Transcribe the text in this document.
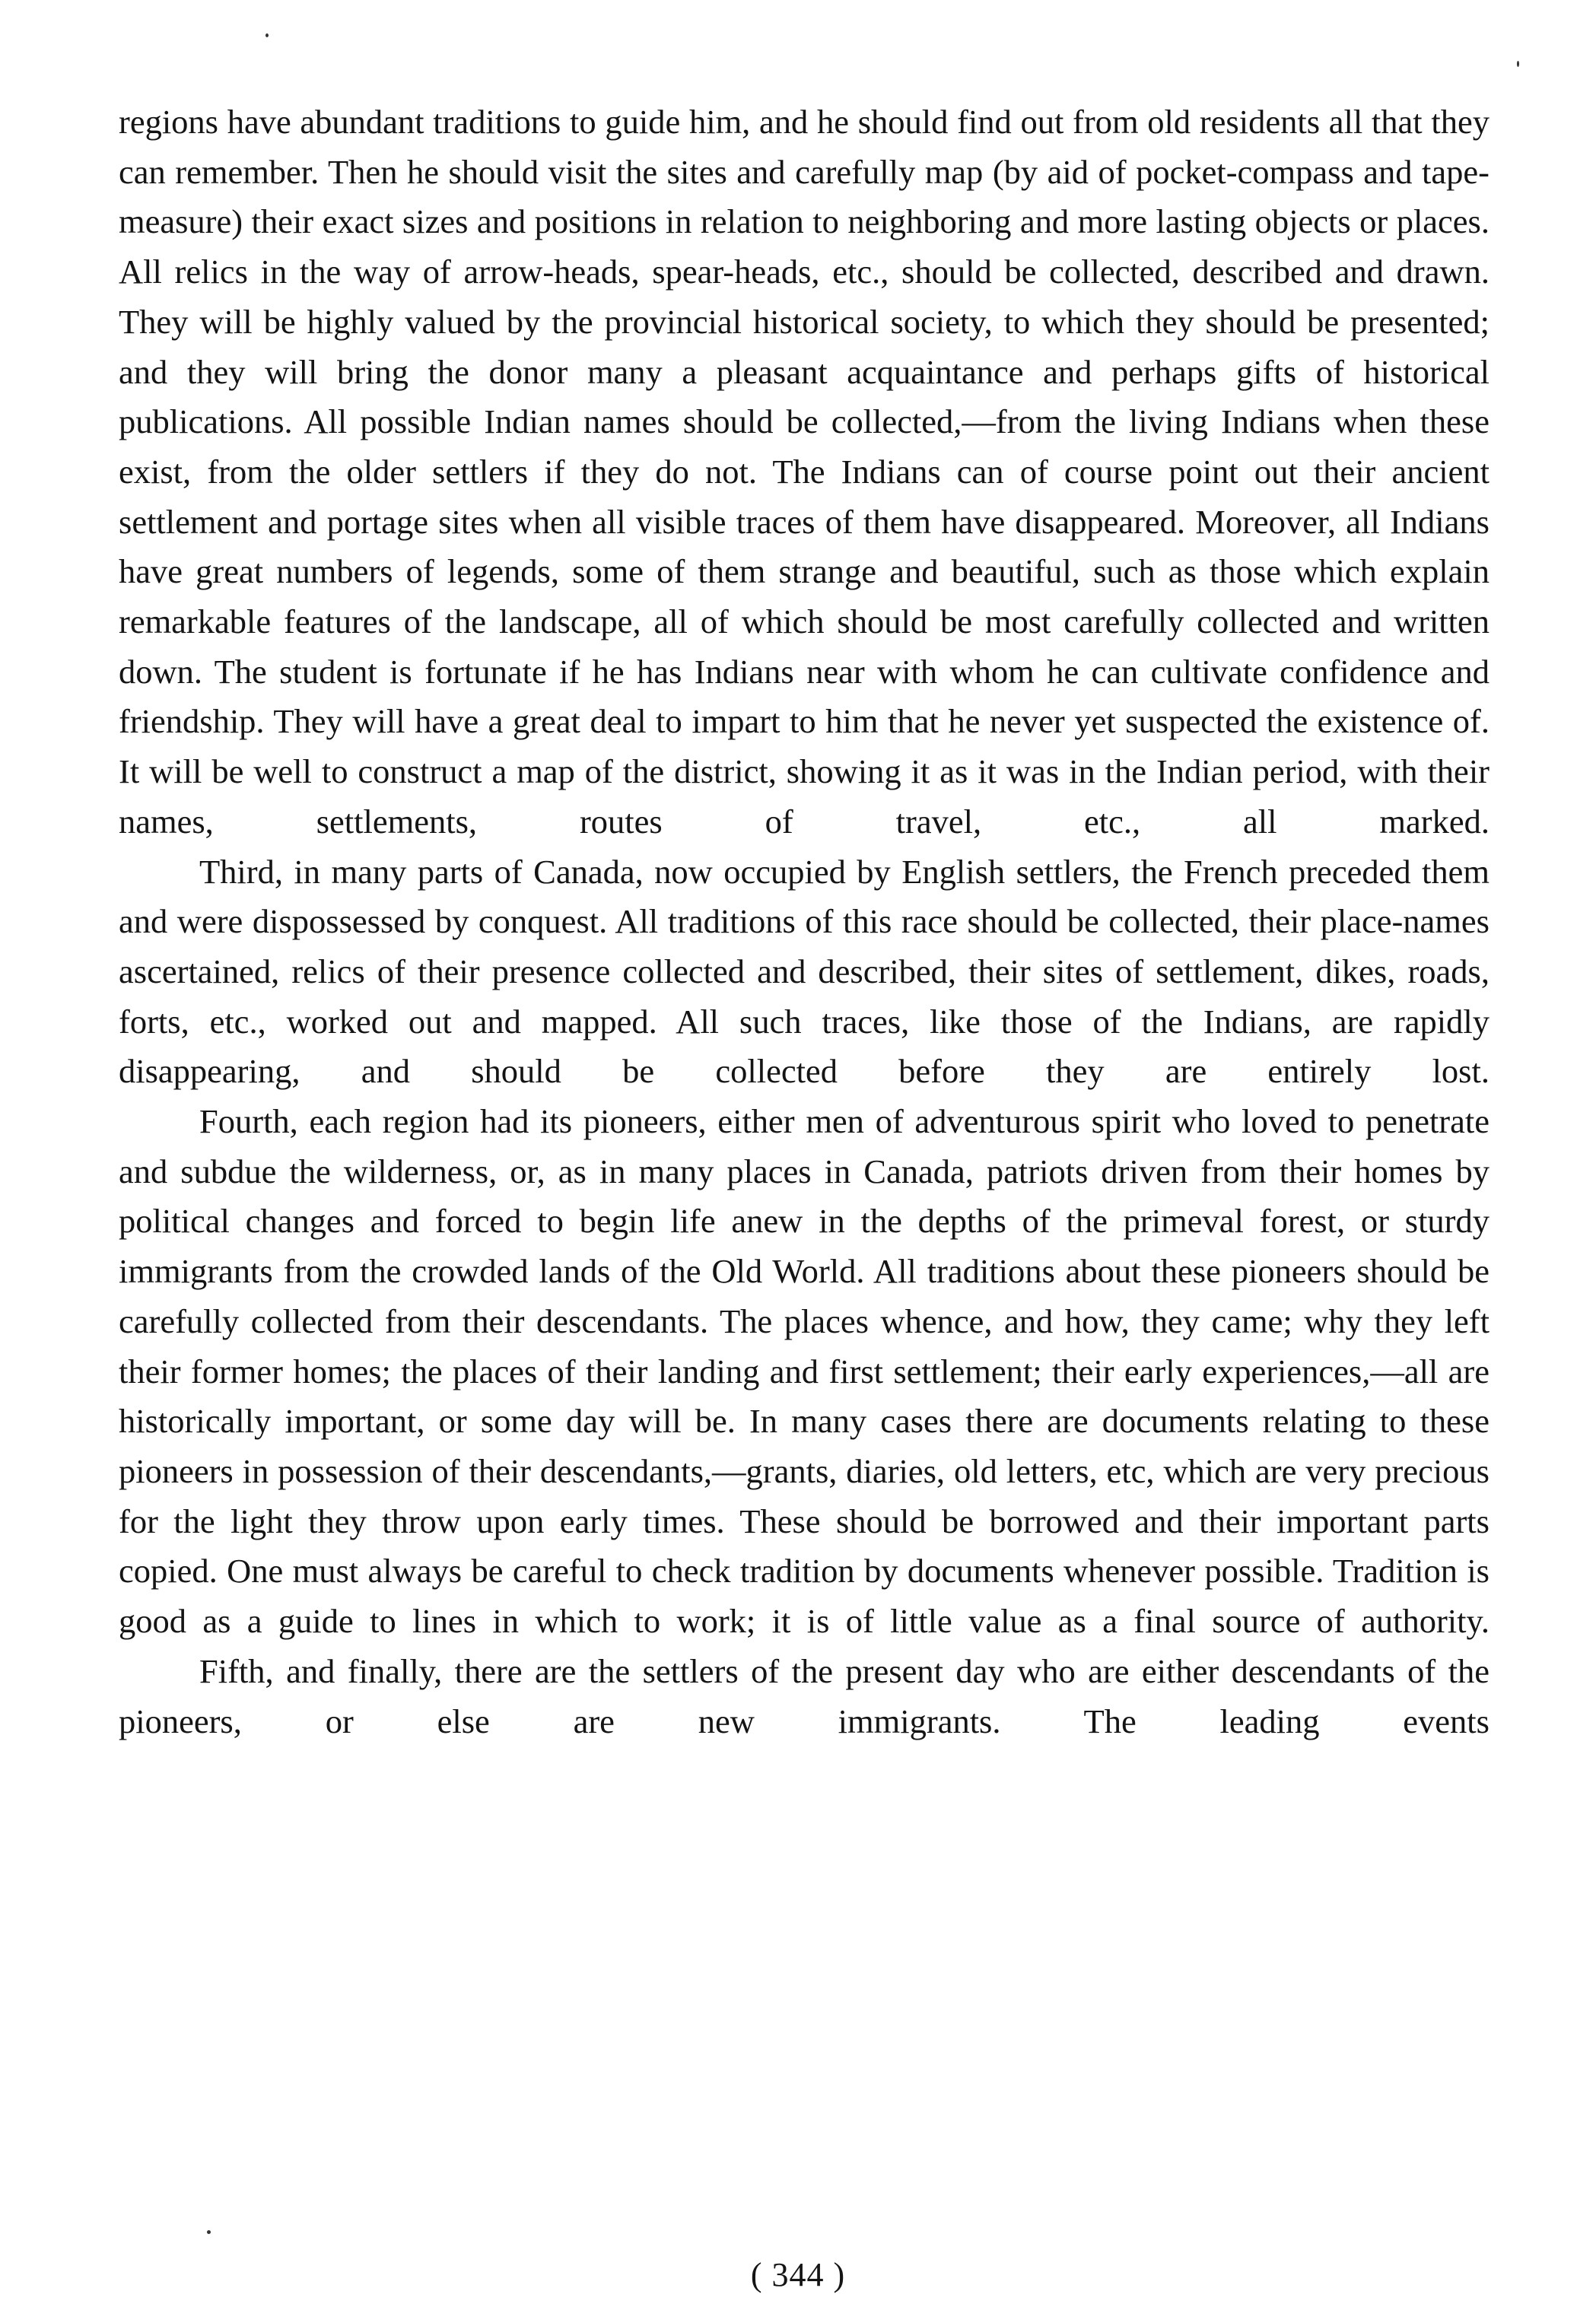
regions have abundant traditions to guide him, and he should find out from old residents all that they can remember. Then he should visit the sites and carefully map (by aid of pocket-compass and tape-measure) their exact sizes and positions in relation to neighboring and more lasting objects or places. All relics in the way of arrow-heads, spear-heads, etc., should be collected, described and drawn. They will be highly valued by the provincial historical society, to which they should be presented; and they will bring the donor many a pleasant acquaintance and perhaps gifts of historical publications. All possible Indian names should be collected,—from the living Indians when these exist, from the older settlers if they do not. The Indians can of course point out their ancient settlement and portage sites when all visible traces of them have disappeared. Moreover, all Indians have great numbers of legends, some of them strange and beautiful, such as those which explain remarkable features of the landscape, all of which should be most carefully collected and written down. The student is fortunate if he has Indians near with whom he can cultivate confidence and friendship. They will have a great deal to impart to him that he never yet suspected the existence of. It will be well to construct a map of the district, showing it as it was in the Indian period, with their names, settlements, routes of travel, etc., all marked.

Third, in many parts of Canada, now occupied by English settlers, the French preceded them and were dispossessed by conquest. All traditions of this race should be collected, their place-names ascertained, relics of their presence collected and described, their sites of settlement, dikes, roads, forts, etc., worked out and mapped. All such traces, like those of the Indians, are rapidly disappearing, and should be collected before they are entirely lost.

Fourth, each region had its pioneers, either men of adventurous spirit who loved to penetrate and subdue the wilderness, or, as in many places in Canada, patriots driven from their homes by political changes and forced to begin life anew in the depths of the primeval forest, or sturdy immigrants from the crowded lands of the Old World. All traditions about these pioneers should be carefully collected from their descendants. The places whence, and how, they came; why they left their former homes; the places of their landing and first settlement; their early experiences,—all are historically important, or some day will be. In many cases there are documents relating to these pioneers in possession of their descendants,—grants, diaries, old letters, etc, which are very precious for the light they throw upon early times. These should be borrowed and their important parts copied. One must always be careful to check tradition by documents whenever possible. Tradition is good as a guide to lines in which to work; it is of little value as a final source of authority.

Fifth, and finally, there are the settlers of the present day who are either descendants of the pioneers, or else are new immigrants. The leading events

( 344 )
